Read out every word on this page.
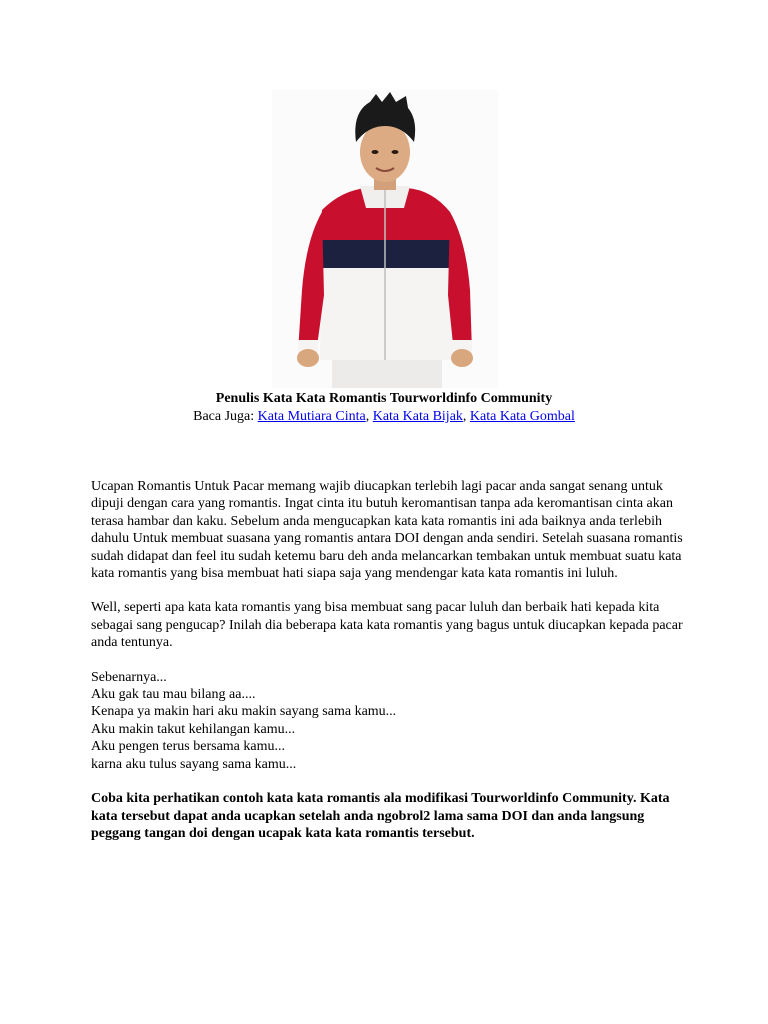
Penulis Kata Kata Romantis Tourworldinfo Community
Baca Juga: Kata Mutiara Cinta, Kata Kata Bijak, Kata Kata Gombal

Ucapan Romantis Untuk Pacar memang wajib diucapkan terlebih lagi pacar anda sangat senang untuk dipuji dengan cara yang romantis. Ingat cinta itu butuh keromantisan tanpa ada keromantisan cinta akan terasa hambar dan kaku. Sebelum anda mengucapkan kata kata romantis ini ada baiknya anda terlebih dahulu Untuk membuat suasana yang romantis antara DOI dengan anda sendiri. Setelah suasana romantis sudah didapat dan feel itu sudah ketemu baru deh anda melancarkan tembakan untuk membuat suatu kata kata romantis yang bisa membuat hati siapa saja yang mendengar kata kata romantis ini luluh.

Well, seperti apa kata kata romantis yang bisa membuat sang pacar luluh dan berbaik hati kepada kita sebagai sang pengucap? Inilah dia beberapa kata kata romantis yang bagus untuk diucapkan kepada pacar anda tentunya.

Sebenarnya...
Aku gak tau mau bilang aa....
Kenapa ya makin hari aku makin sayang sama kamu...
Aku makin takut kehilangan kamu...
Aku pengen terus bersama kamu...
karna aku tulus sayang sama kamu...

Coba kita perhatikan contoh kata kata romantis ala modifikasi Tourworldinfo Community. Kata kata tersebut dapat anda ucapkan setelah anda ngobrol2 lama sama DOI dan anda langsung peggang tangan doi dengan ucapak kata kata romantis tersebut.
